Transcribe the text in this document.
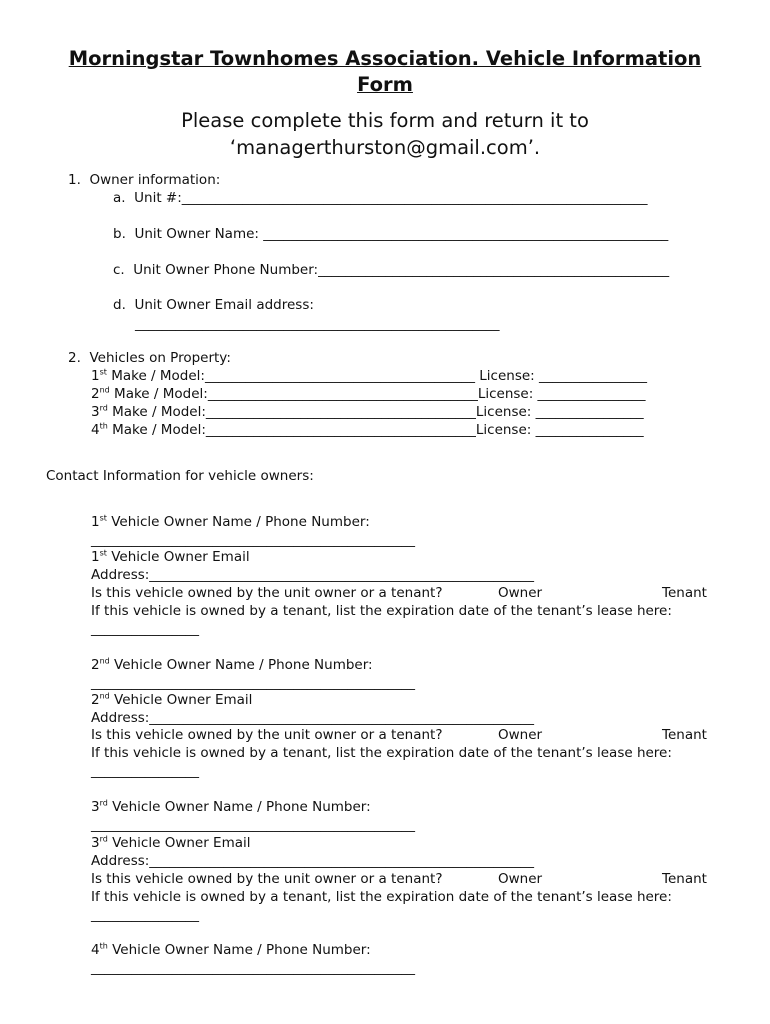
Morningstar Townhomes Association. Vehicle Information
Form
Please complete this form and return it to
‘managerthurston@gmail.com’.
1.  Owner information:
a.  Unit #:_____________________________________________________________________
b.  Unit Owner Name: ____________________________________________________________
c.  Unit Owner Phone Number:____________________________________________________
d.  Unit Owner Email address:
______________________________________________________
2.  Vehicles on Property:
1st Make / Model:________________________________________ License: ________________
2nd Make / Model:________________________________________License: ________________
3rd Make / Model:________________________________________License: ________________
4th Make / Model:________________________________________License: ________________
Contact Information for vehicle owners:
1st Vehicle Owner Name / Phone Number:
________________________________________________
1st Vehicle Owner Email
Address:_________________________________________________________
Is this vehicle owned by the unit owner or a tenant?	Owner	Tenant
If this vehicle is owned by a tenant, list the expiration date of the tenant’s lease here:
________________
2nd Vehicle Owner Name / Phone Number:
________________________________________________
2nd Vehicle Owner Email
Address:_________________________________________________________
Is this vehicle owned by the unit owner or a tenant?	Owner	Tenant
If this vehicle is owned by a tenant, list the expiration date of the tenant’s lease here:
________________
3rd Vehicle Owner Name / Phone Number:
________________________________________________
3rd Vehicle Owner Email
Address:_________________________________________________________
Is this vehicle owned by the unit owner or a tenant?	Owner	Tenant
If this vehicle is owned by a tenant, list the expiration date of the tenant’s lease here:
________________
4th Vehicle Owner Name / Phone Number:
________________________________________________
